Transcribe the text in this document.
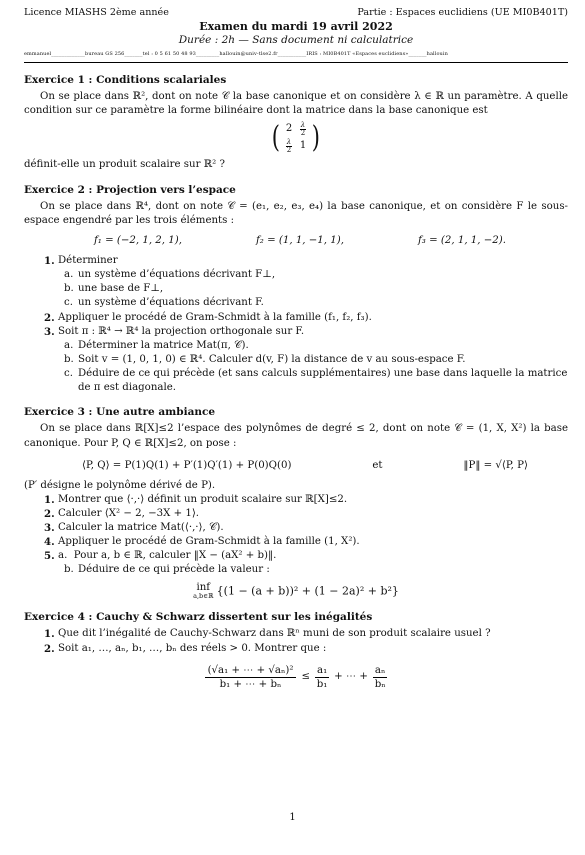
Licence MIASHS 2ème année	Partie : Espaces euclidiens (UE MI0B401T)
Examen du mardi 19 avril 2022
Durée : 2h — Sans document ni calculatrice
emmanuel_____________bureau GS 256_______tel : 0 5 61 50 48 93_________hallouin@univ-tlse2.fr___________IRIS : MI0B401T «Espaces euclidiens»_______hallouin
Exercice 1 : Conditions scalariales

On se place dans ℝ², dont on note 𝒞 la base canonique et on considère λ ∈ ℝ un paramètre. A quelle condition sur ce paramètre la forme bilinéaire dont la matrice dans la base canonique est

( $2 \frac{\lambda}{2}$
$\frac{\lambda}{2} 1$ )

définit-elle un produit scalaire sur ℝ² ?

Exercice 2 : Projection vers l’espace

On se place dans ℝ⁴, dont on note 𝒞 = (e₁, e₂, e₃, e₄) la base canonique, et on considère F le sous-espace engendré par les trois éléments :

f₁ = (−2, 1, 2, 1),	f₂ = (1, 1, −1, 1),	f₃ = (2, 1, 1, −2).
1. Déterminer
a. un système d’équations décrivant F⊥,
b. une base de F⊥,
c. un système d’équations décrivant F.
2. Appliquer le procédé de Gram-Schmidt à la famille (f₁, f₂, f₃).
3. Soit π : ℝ⁴ → ℝ⁴ la projection orthogonale sur F.
a. Déterminer la matrice Mat(π, 𝒞).
b. Soit v = (1, 0, 1, 0) ∈ ℝ⁴. Calculer d(v, F) la distance de v au sous-espace F.
c. Déduire de ce qui précède (et sans calculs supplémentaires) une base dans laquelle la matrice de π est diagonale.
Exercice 3 : Une autre ambiance

On se place dans ℝ[X]≤2 l’espace des polynômes de degré ≤ 2, dont on note 𝒞 = (1, X, X²) la base canonique. Pour P, Q ∈ ℝ[X]≤2, on pose :

⟨P, Q⟩ = P(1)Q(1) + P′(1)Q′(1) + P(0)Q(0)	et	‖P‖ = √⟨P, P⟩

(P′ désigne le polynôme dérivé de P).

1. Montrer que ⟨·,·⟩ définit un produit scalaire sur ℝ[X]≤2.
2. Calculer ⟨X² − 2, −3X + 1⟩.
3. Calculer la matrice Mat(⟨·,·⟩, 𝒞).
4. Appliquer le procédé de Gram-Schmidt à la famille (1, X²).
5. a. Pour a, b ∈ ℝ, calculer ‖X − (aX² + b)‖.
b. Déduire de ce qui précède la valeur :
inf
a,b∈ℝ {(1 − (a + b))² + (1 − 2a)² + b²}
Exercice 4 : Cauchy & Schwarz dissertent sur les inégalités
1. Que dit l’inégalité de Cauchy-Schwarz dans ℝⁿ muni de son produit scalaire usuel ?
2. Soit a₁, …, aₙ, b₁, …, bₙ des réels > 0. Montrer que :
$\frac{\text{(√a₁ + ⋯ + √aₙ)²}}{\text{b₁ + ⋯ + bₙ}} \le \frac{\text{a₁}}{\text{b₁}}$ + ⋯ + $\frac{\text{aₙ}}{\text{bₙ}}$
1
